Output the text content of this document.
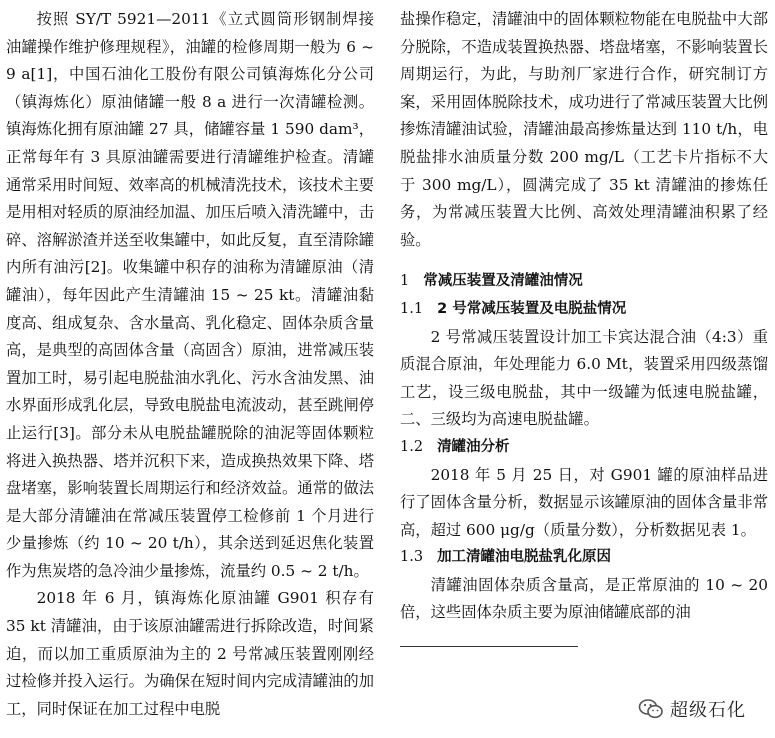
按照 SY/T 5921—2011《立式圆筒形钢制焊接油罐操作维护修理规程》，油罐的检修周期一般为 6 ~ 9 a[1]，中国石油化工股份有限公司镇海炼化分公司（镇海炼化）原油储罐一般 8 a 进行一次清罐检测。镇海炼化拥有原油罐 27 具，储罐容量 1 590 dam³，正常每年有 3 具原油罐需要进行清罐维护检查。清罐通常采用时间短、效率高的机械清洗技术，该技术主要是用相对轻质的原油经加温、加压后喷入清洗罐中，击碎、溶解淤渣并送至收集罐中，如此反复，直至清除罐内所有油污[2]。收集罐中积存的油称为清罐原油（清罐油），每年因此产生清罐油 15 ~ 25 kt。清罐油黏度高、组成复杂、含水量高、乳化稳定、固体杂质含量高，是典型的高固体含量（高固含）原油，进常减压装置加工时，易引起电脱盐油水乳化、污水含油发黑、油水界面形成乳化层，导致电脱盐电流波动，甚至跳闸停止运行[3]。部分未从电脱盐罐脱除的油泥等固体颗粒将进入换热器、塔并沉积下来，造成换热效果下降、塔盘堵塞，影响装置长周期运行和经济效益。通常的做法是大部分清罐油在常减压装置停工检修前 1 个月进行少量掺炼（约 10 ~ 20 t/h），其余送到延迟焦化装置作为焦炭塔的急冷油少量掺炼，流量约 0.5 ~ 2 t/h。

2018 年 6 月，镇海炼化原油罐 G901 积存有 35 kt 清罐油，由于该原油罐需进行拆除改造，时间紧迫，而以加工重质原油为主的 2 号常减压装置刚刚经过检修并投入运行。为确保在短时间内完成清罐油的加工，同时保证在加工过程中电脱

盐操作稳定，清罐油中的固体颗粒物能在电脱盐中大部分脱除，不造成装置换热器、塔盘堵塞，不影响装置长周期运行，为此，与助剂厂家进行合作，研究制订方案，采用固体脱除技术，成功进行了常减压装置大比例掺炼清罐油试验，清罐油最高掺炼量达到 110 t/h，电脱盐排水油质量分数 200 mg/L（工艺卡片指标不大于 300 mg/L），圆满完成了 35 kt 清罐油的掺炼任务，为常减压装置大比例、高效处理清罐油积累了经验。

1 常减压装置及清罐油情况

1.1 2 号常减压装置及电脱盐情况

2 号常减压装置设计加工卡宾达混合油（4:3）重质混合原油，年处理能力 6.0 Mt，装置采用四级蒸馏工艺，设三级电脱盐，其中一级罐为低速电脱盐罐，二、三级均为高速电脱盐罐。

1.2 清罐油分析

2018 年 5 月 25 日，对 G901 罐的原油样品进行了固体含量分析，数据显示该罐原油的固体含量非常高，超过 600 μg/g（质量分数），分析数据见表 1。

1.3 加工清罐油电脱盐乳化原因

清罐油固体杂质含量高，是正常原油的 10 ~ 20 倍，这些固体杂质主要为原油储罐底部的油

超级石化
